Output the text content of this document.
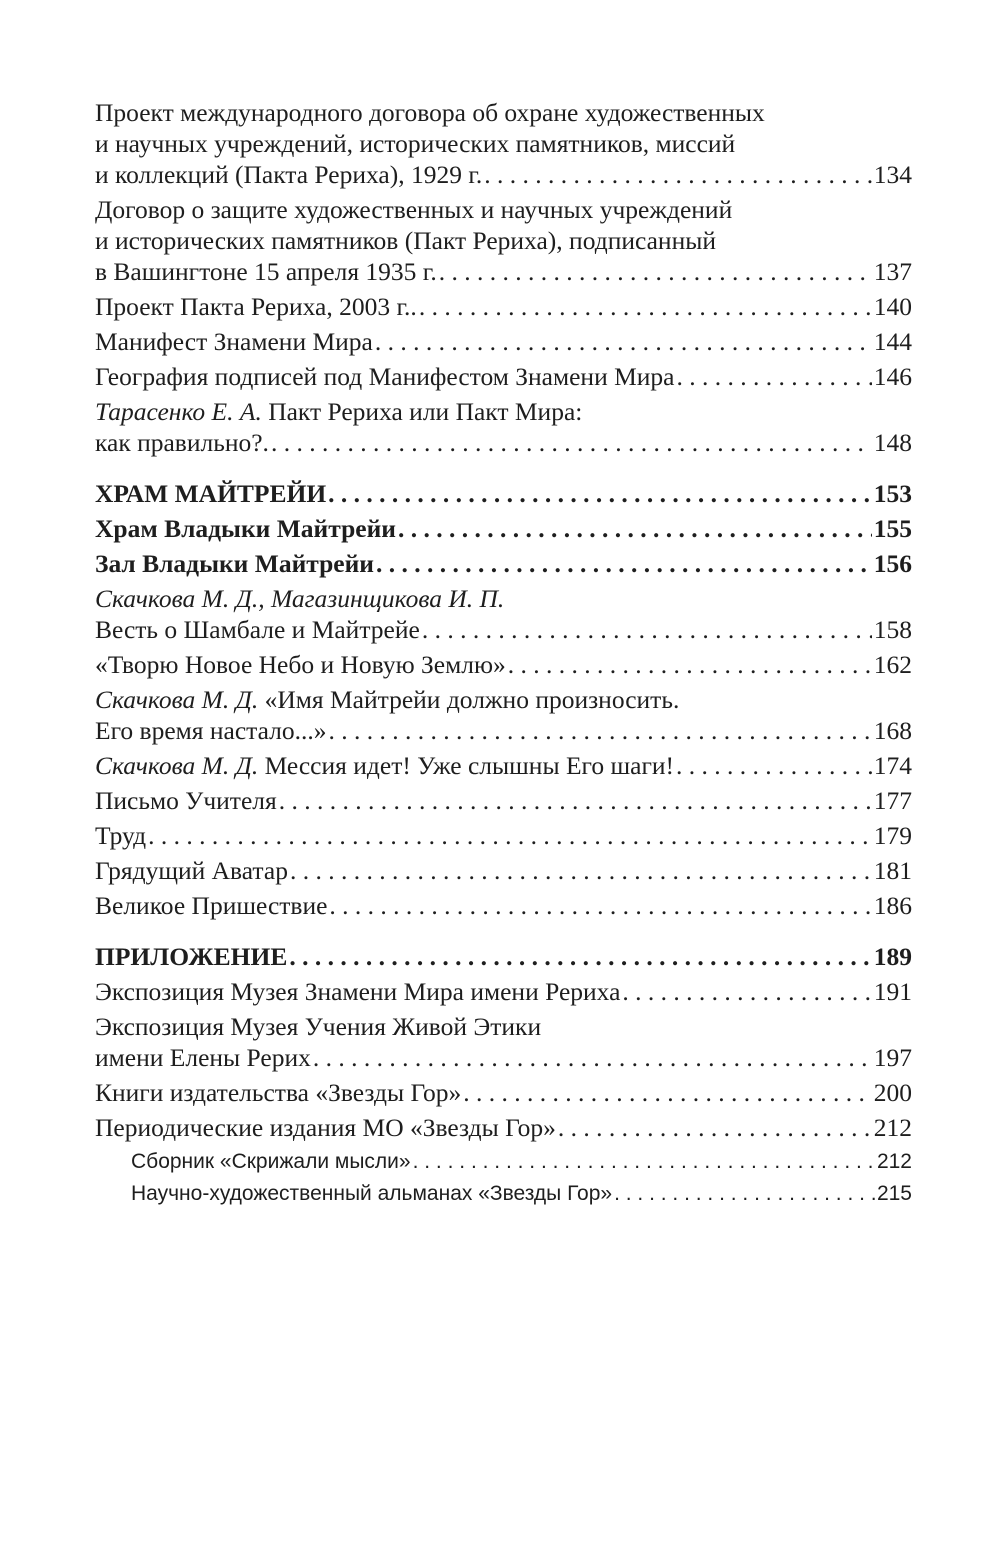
Проект международного договора об охране художественных
и научных учреждений, исторических памятников, миссий
и коллекций (Пакта Рериха), 1929 г. . . .	134
Договор о защите художественных и научных учреждений
и исторических памятников (Пакт Рериха), подписанный
в Вашингтоне 15 апреля 1935 г. . . .	137
Проект Пакта Рериха, 2003 г.. . . .	140
Манифест Знамени Мира . . .	144
География подписей под Манифестом Знамени Мира . . .	146
Тарасенко Е. А. Пакт Рериха или Пакт Мира:
как правильно?. . . .	148
ХРАМ МАЙТРЕЙИ . . .	153
Храм Владыки Майтрейи . . .	155
Зал Владыки Майтрейи . . .	156
Скачкова М. Д., Магазинщикова И. П.
Весть о Шамбале и Майтрейе . . .	158
«Творю Новое Небо и Новую Землю» . . .	162
Скачкова М. Д. «Имя Майтрейи должно произносить.
Его время настало...» . . .	168
Скачкова М. Д. Мессия идет! Уже слышны Его шаги! . . .	174
Письмо Учителя . . .	177
Труд . . .	179
Грядущий Аватар . . .	181
Великое Пришествие . . .	186
ПРИЛОЖЕНИЕ . . .	189
Экспозиция Музея Знамени Мира имени Рериха . . .	191
Экспозиция Музея Учения Живой Этики
имени Елены Рерих . . .	197
Книги издательства «Звезды Гор» . . .	200
Периодические издания МО «Звезды Гор» . . .	212
Сборник «Скрижали мысли» . . .	212
Научно-художественный альманах «Звезды Гор» . . .	215
